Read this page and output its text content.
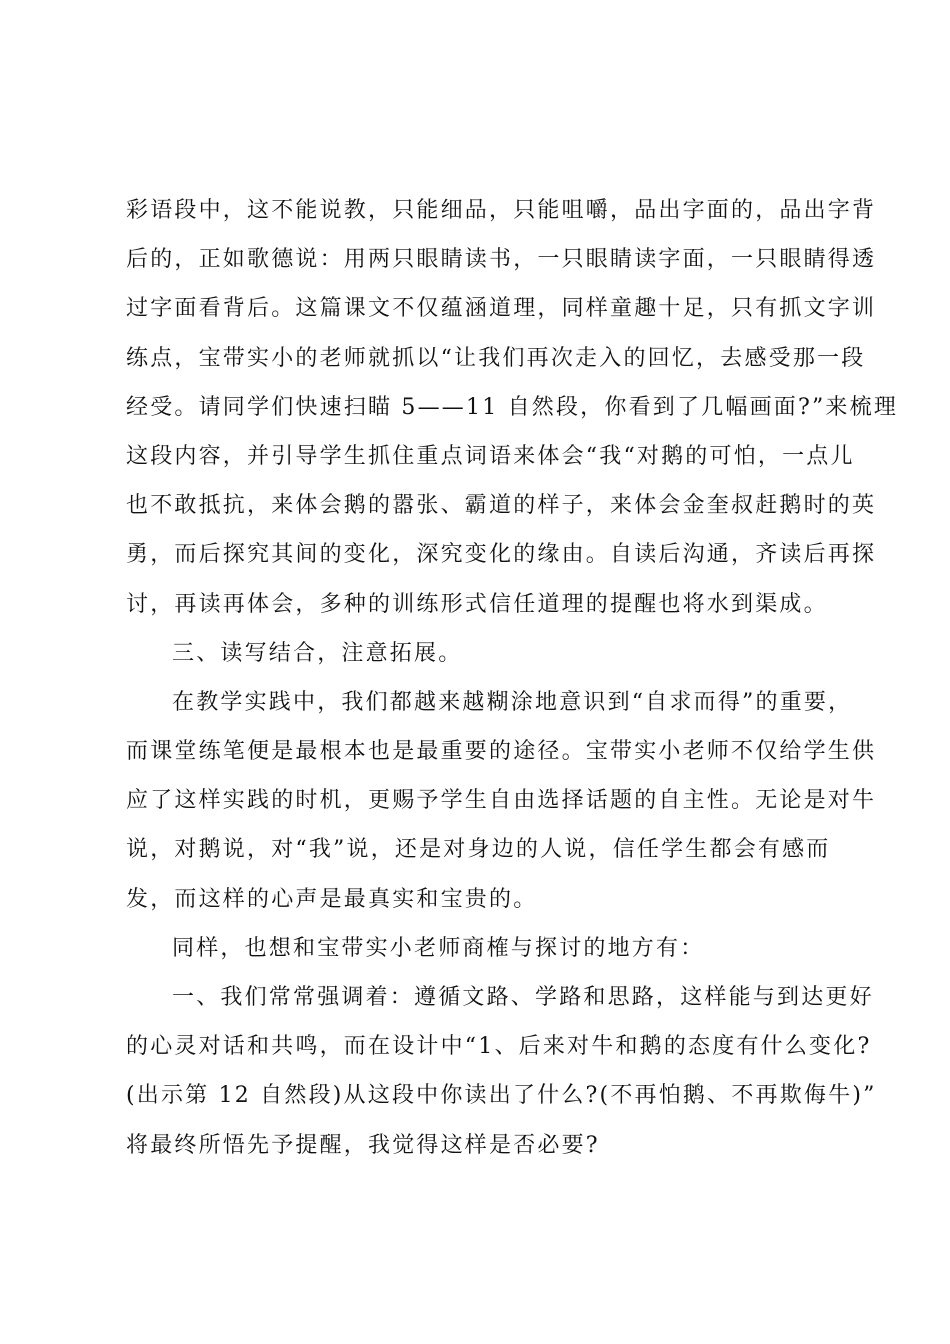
彩语段中，这不能说教，只能细品，只能咀嚼，品出字面的，品出字背
后的，正如歌德说：用两只眼睛读书，一只眼睛读字面，一只眼睛得透
过字面看背后。这篇课文不仅蕴涵道理，同样童趣十足，只有抓文字训
练点，宝带实小的老师就抓以“让我们再次走入的回忆，去感受那一段
经受。请同学们快速扫瞄 5——11 自然段，你看到了几幅画面?”来梳理
这段内容，并引导学生抓住重点词语来体会“我“对鹅的可怕，一点儿
也不敢抵抗，来体会鹅的嚣张、霸道的样子，来体会金奎叔赶鹅时的英
勇，而后探究其间的变化，深究变化的缘由。自读后沟通，齐读后再探
讨，再读再体会，多种的训练形式信任道理的提醒也将水到渠成。
三、读写结合，注意拓展。
在教学实践中，我们都越来越糊涂地意识到“自求而得”的重要，
而课堂练笔便是最根本也是最重要的途径。宝带实小老师不仅给学生供
应了这样实践的时机，更赐予学生自由选择话题的自主性。无论是对牛
说，对鹅说，对“我”说，还是对身边的人说，信任学生都会有感而
发，而这样的心声是最真实和宝贵的。
同样，也想和宝带实小老师商榷与探讨的地方有：
一、我们常常强调着：遵循文路、学路和思路，这样能与到达更好
的心灵对话和共鸣，而在设计中“1、后来对牛和鹅的态度有什么变化?
(出示第 12 自然段)从这段中你读出了什么?(不再怕鹅、不再欺侮牛)”
将最终所悟先予提醒，我觉得这样是否必要?
